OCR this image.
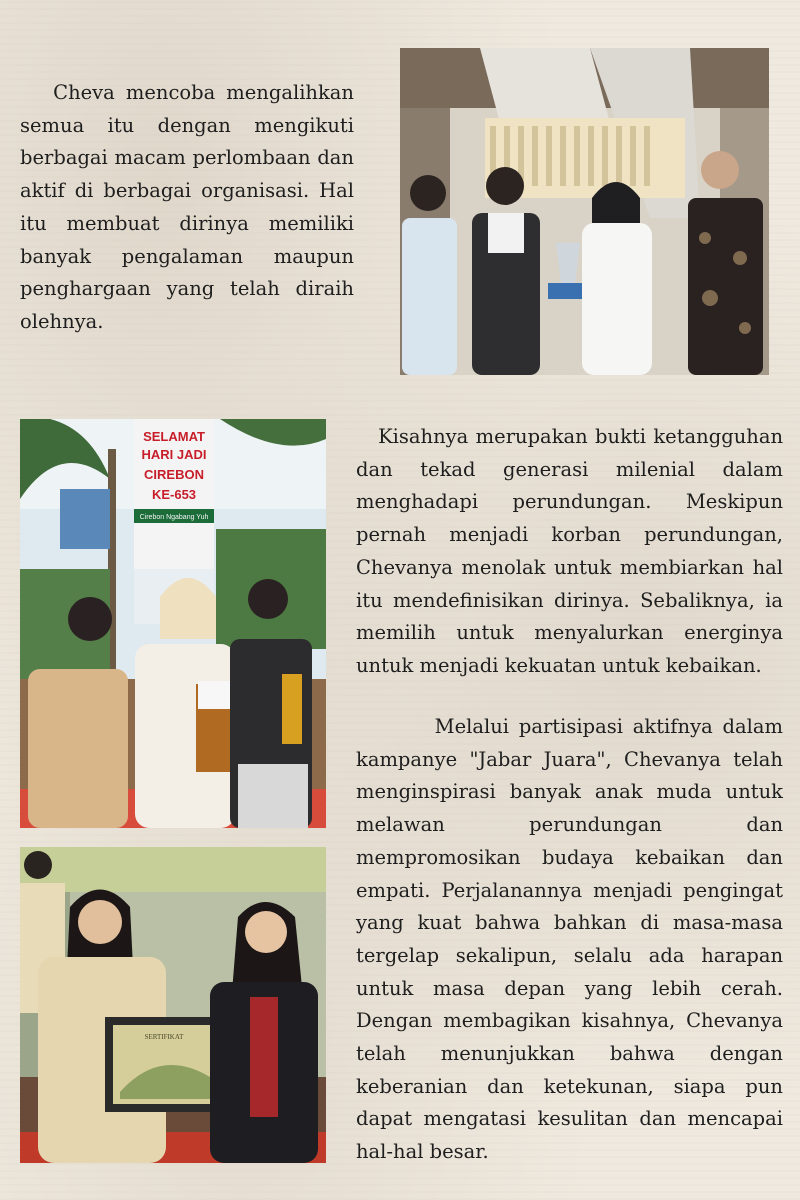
Cheva mencoba mengalihkan semua itu dengan mengikuti berbagai macam perlombaan dan aktif di berbagai organisasi. Hal itu membuat dirinya memiliki banyak pengalaman maupun penghargaan yang telah diraih olehnya.

Kisahnya merupakan bukti ketangguhan dan tekad generasi milenial dalam menghadapi perundungan. Meskipun pernah menjadi korban perundungan, Chevanya menolak untuk membiarkan hal itu mendefinisikan dirinya. Sebaliknya, ia memilih untuk menyalurkan energinya untuk menjadi kekuatan untuk kebaikan.

Melalui partisipasi aktifnya dalam kampanye "Jabar Juara", Chevanya telah menginspirasi banyak anak muda untuk melawan perundungan dan mempromosikan budaya kebaikan dan empati. Perjalanannya menjadi pengingat yang kuat bahwa bahkan di masa-masa tergelap sekalipun, selalu ada harapan untuk masa depan yang lebih cerah. Dengan membagikan kisahnya, Chevanya telah menunjukkan bahwa dengan keberanian dan ketekunan, siapa pun dapat mengatasi kesulitan dan mencapai hal-hal besar.

SELAMAT
HARI JADI
CIREBON
KE-653
Cirebon Ngabang Yuh
SERTIFIKAT
